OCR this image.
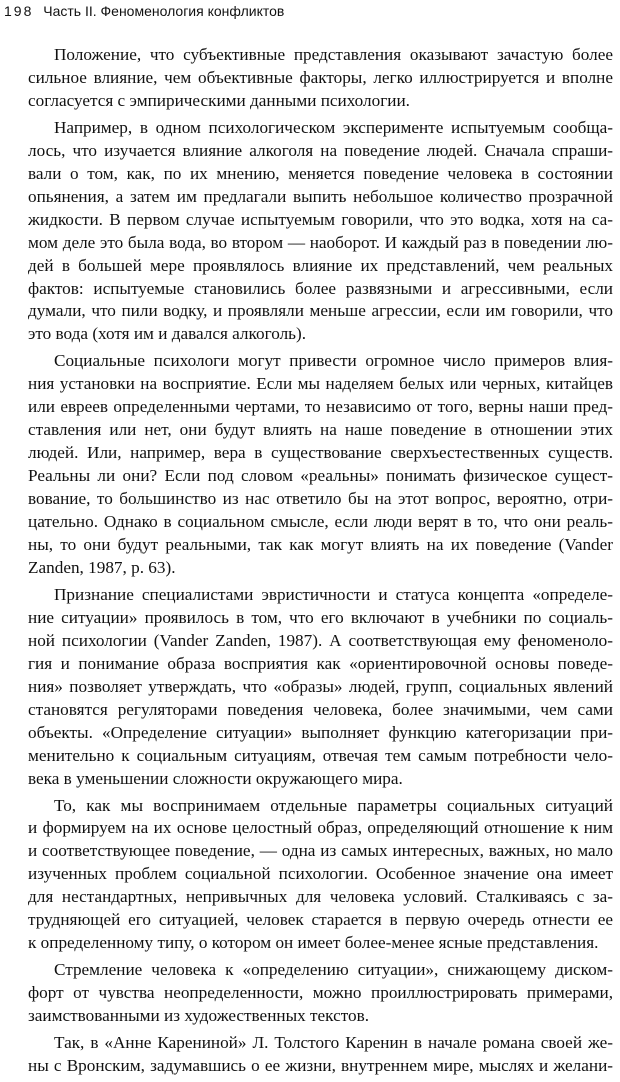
198 Часть II. Феноменология конфликтов
Положение, что субъективные представления оказывают зачастую более
сильное влияние, чем объективные факторы, легко иллюстрируется и вполне
согласуется с эмпирическими данными психологии.
Например, в одном психологическом эксперименте испытуемым сообща-
лось, что изучается влияние алкоголя на поведение людей. Сначала спраши-
вали о том, как, по их мнению, меняется поведение человека в состоянии
опьянения, а затем им предлагали выпить небольшое количество прозрачной
жидкости. В первом случае испытуемым говорили, что это водка, хотя на са-
мом деле это была вода, во втором — наоборот. И каждый раз в поведении лю-
дей в большей мере проявлялось влияние их представлений, чем реальных
фактов: испытуемые становились более развязными и агрессивными, если
думали, что пили водку, и проявляли меньше агрессии, если им говорили, что
это вода (хотя им и давался алкоголь).
Социальные психологи могут привести огромное число примеров влия-
ния установки на восприятие. Если мы наделяем белых или черных, китайцев
или евреев определенными чертами, то независимо от того, верны наши пред-
ставления или нет, они будут влиять на наше поведение в отношении этих
людей. Или, например, вера в существование сверхъестественных существ.
Реальны ли они? Если под словом «реальны» понимать физическое сущест-
вование, то большинство из нас ответило бы на этот вопрос, вероятно, отри-
цательно. Однако в социальном смысле, если люди верят в то, что они реаль-
ны, то они будут реальными, так как могут влиять на их поведение (Vander
Zanden, 1987, p. 63).
Признание специалистами эвристичности и статуса концепта «определе-
ние ситуации» проявилось в том, что его включают в учебники по социаль-
ной психологии (Vander Zanden, 1987). А соответствующая ему феноменоло-
гия и понимание образа восприятия как «ориентировочной основы поведе-
ния» позволяет утверждать, что «образы» людей, групп, социальных явлений
становятся регуляторами поведения человека, более значимыми, чем сами
объекты. «Определение ситуации» выполняет функцию категоризации при-
менительно к социальным ситуациям, отвечая тем самым потребности чело-
века в уменьшении сложности окружающего мира.
То, как мы воспринимаем отдельные параметры социальных ситуаций
и формируем на их основе целостный образ, определяющий отношение к ним
и соответствующее поведение, — одна из самых интересных, важных, но мало
изученных проблем социальной психологии. Особенное значение она имеет
для нестандартных, непривычных для человека условий. Сталкиваясь с за-
трудняющей его ситуацией, человек старается в первую очередь отнести ее
к определенному типу, о котором он имеет более-менее ясные представления.
Стремление человека к «определению ситуации», снижающему диском-
форт от чувства неопределенности, можно проиллюстрировать примерами,
заимствованными из художественных текстов.
Так, в «Анне Карениной» Л. Толстого Каренин в начале романа своей же-
ны с Вронским, задумавшись о ее жизни, внутреннем мире, мыслях и желани-
